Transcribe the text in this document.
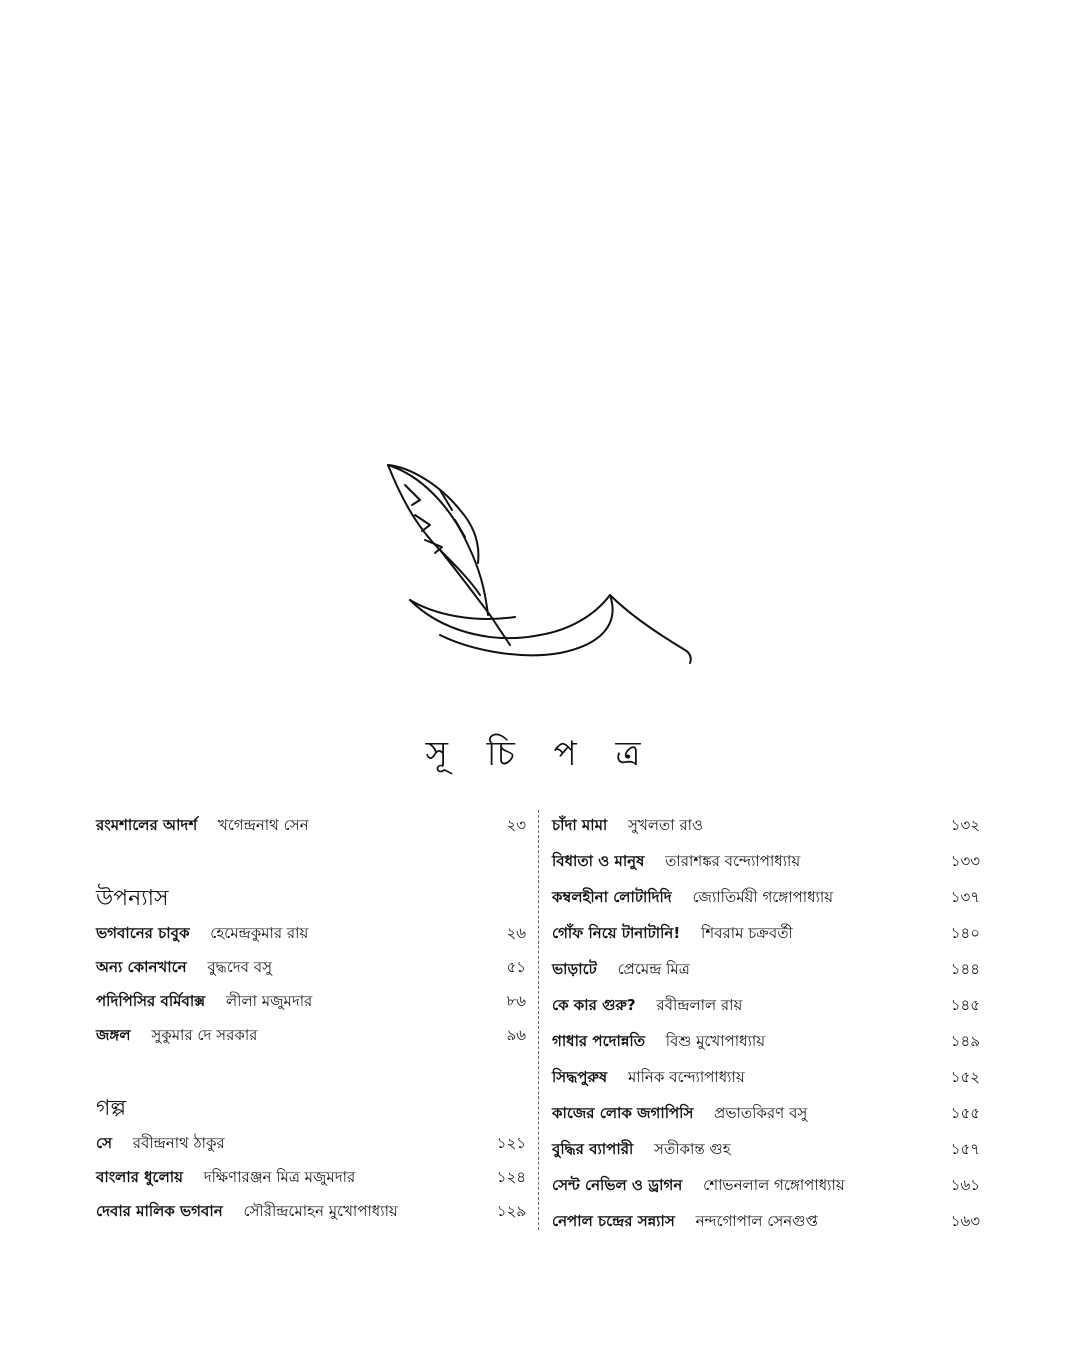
সূ চি প ত্র
রংমশালের আদর্শ খগেন্দ্রনাথ সেন	২৩
উপন্যাস
ভগবানের চাবুক হেমেন্দ্রকুমার রায়	২৬
অন্য কোনখানে বুদ্ধদেব বসু	৫১
পদিপিসির বর্মিবাক্স লীলা মজুমদার	৮৬
জঙ্গল সুকুমার দে সরকার	৯৬
গল্প
সে রবীন্দ্রনাথ ঠাকুর	১২১
বাংলার ধুলোয় দক্ষিণারঞ্জন মিত্র মজুমদার	১২৪
দেবার মালিক ভগবান সৌরীন্দ্রমোহন মুখোপাধ্যায়	১২৯
চাঁদা মামা সুখলতা রাও	১৩২
বিধাতা ও মানুষ তারাশঙ্কর বন্দ্যোপাধ্যায়	১৩৩
কম্বলহীনা লোটাদিদি জ্যোতির্ময়ী গঙ্গোপাধ্যায়	১৩৭
গোঁফ নিয়ে টানাটানি! শিবরাম চক্রবর্তী	১৪০
ভাড়াটে প্রেমেন্দ্র মিত্র	১৪৪
কে কার গুরু? রবীন্দ্রলাল রায়	১৪৫
গাধার পদোন্নতি বিশু মুখোপাধ্যায়	১৪৯
সিদ্ধপুরুষ মানিক বন্দ্যোপাধ্যায়	১৫২
কাজের লোক জগাপিসি প্রভাতকিরণ বসু	১৫৫
বুদ্ধির ব্যাপারী সতীকান্ত গুহ	১৫৭
সেন্ট নেভিল ও ড্রাগন শোভনলাল গঙ্গোপাধ্যায়	১৬১
নেপাল চন্দ্রের সন্ন্যাস নন্দগোপাল সেনগুপ্ত	১৬৩
